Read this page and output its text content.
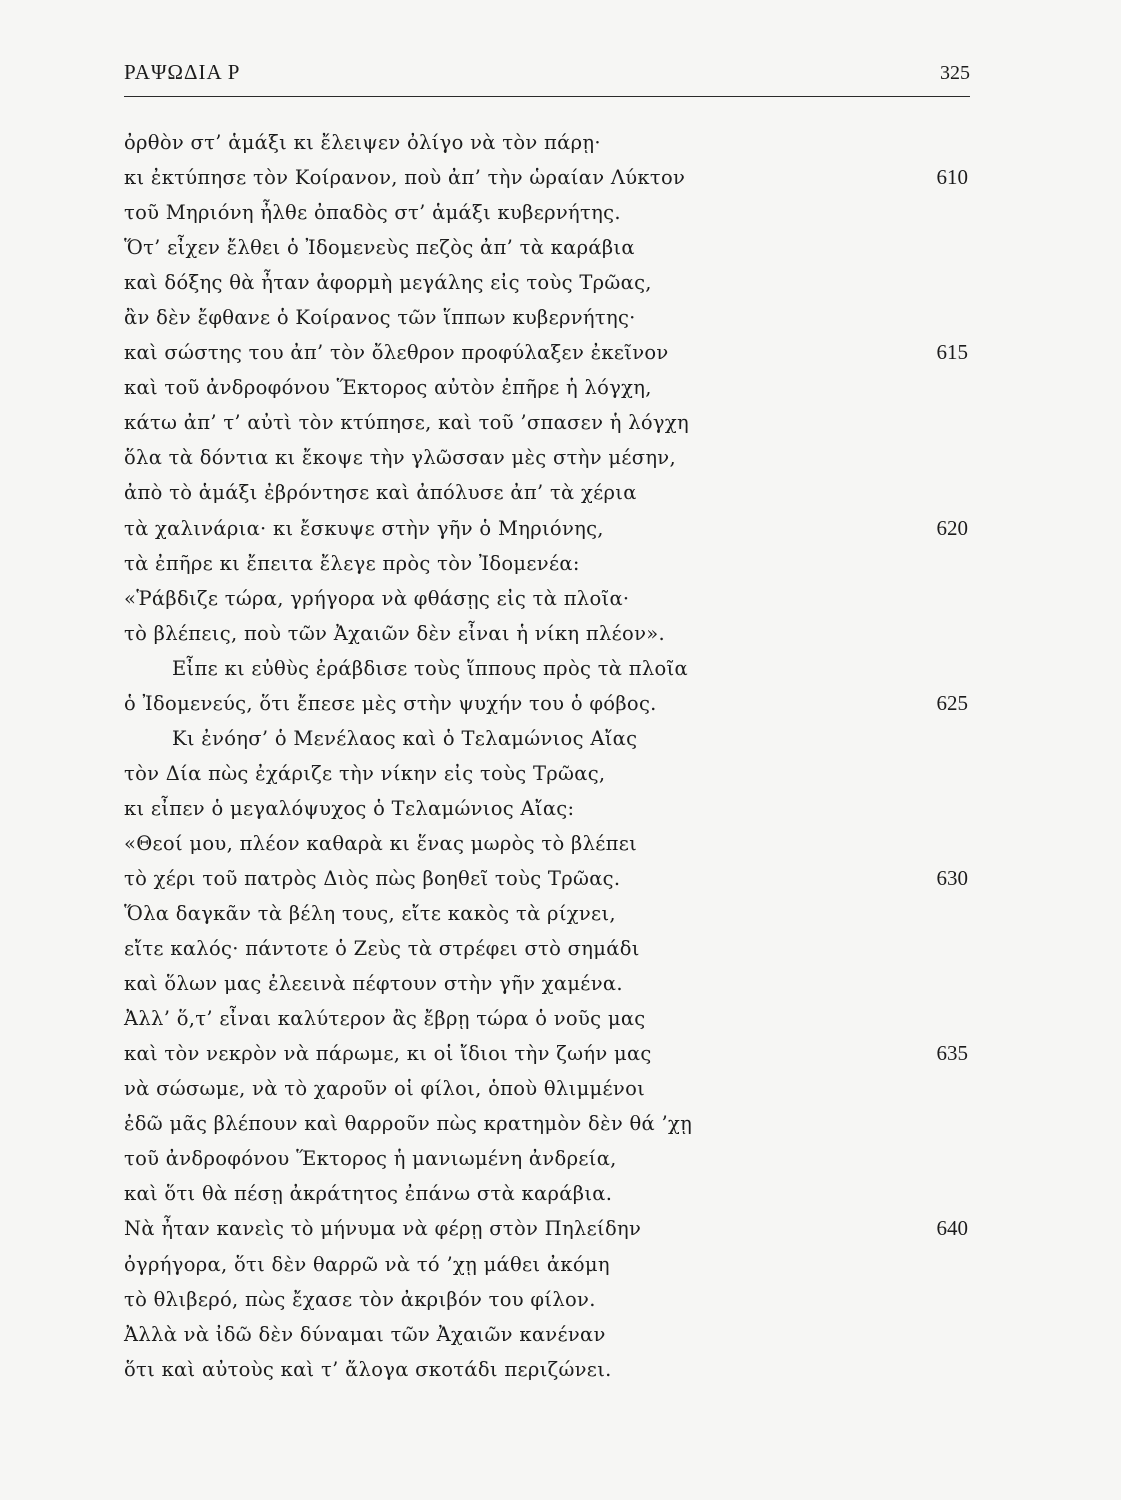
ΡΑΨΩΔΙΑ Ρ	325
ὀρθὸν στ’ ἁμάξι κι ἔλειψεν ὀλίγο νὰ τὸν πάρῃ·
κι ἐκτύπησε τὸν Κοίρανον, ποὺ ἀπ’ τὴν ὡραίαν Λύκτον	610
τοῦ Μηριόνη ἦλθε ὀπαδὸς στ’ ἁμάξι κυβερνήτης.
Ὅτ’ εἶχεν ἔλθει ὁ Ἰδομενεὺς πεζὸς ἀπ’ τὰ καράβια
καὶ δόξης θὰ ἦταν ἀφορμὴ μεγάλης εἰς τοὺς Τρῶας,
ἂν δὲν ἔφθανε ὁ Κοίρανος τῶν ἵππων κυβερνήτης·
καὶ σώστης του ἀπ’ τὸν ὄλεθρον προφύλαξεν ἐκεῖνον	615
καὶ τοῦ ἀνδροφόνου Ἕκτορος αὐτὸν ἐπῆρε ἡ λόγχη,
κάτω ἀπ’ τ’ αὐτὶ τὸν κτύπησε, καὶ τοῦ ’σπασεν ἡ λόγχη
ὅλα τὰ δόντια κι ἔκοψε τὴν γλῶσσαν μὲς στὴν μέσην,
ἀπὸ τὸ ἁμάξι ἐβρόντησε καὶ ἀπόλυσε ἀπ’ τὰ χέρια
τὰ χαλινάρια· κι ἔσκυψε στὴν γῆν ὁ Μηριόνης,	620
τὰ ἐπῆρε κι ἔπειτα ἔλεγε πρὸς τὸν Ἰδομενέα:
«Ῥάβδιζε τώρα, γρήγορα νὰ φθάσῃς εἰς τὰ πλοῖα·
τὸ βλέπεις, ποὺ τῶν Ἀχαιῶν δὲν εἶναι ἡ νίκη πλέον».
Εἶπε κι εὐθὺς ἐράβδισε τοὺς ἵππους πρὸς τὰ πλοῖα
ὁ Ἰδομενεύς, ὅτι ἔπεσε μὲς στὴν ψυχήν του ὁ φόβος.	625
Κι ἐνόησ’ ὁ Μενέλαος καὶ ὁ Τελαμώνιος Αἴας
τὸν Δία πὼς ἐχάριζε τὴν νίκην εἰς τοὺς Τρῶας,
κι εἶπεν ὁ μεγαλόψυχος ὁ Τελαμώνιος Αἴας:
«Θεοί μου, πλέον καθαρὰ κι ἕνας μωρὸς τὸ βλέπει
τὸ χέρι τοῦ πατρὸς Διὸς πὼς βοηθεῖ τοὺς Τρῶας.	630
Ὅλα δαγκᾶν τὰ βέλη τους, εἴτε κακὸς τὰ ρίχνει,
εἴτε καλός· πάντοτε ὁ Ζεὺς τὰ στρέφει στὸ σημάδι
καὶ ὅλων μας ἐλεεινὰ πέφτουν στὴν γῆν χαμένα.
Ἀλλ’ ὅ,τ’ εἶναι καλύτερον ἂς ἔβρῃ τώρα ὁ νοῦς μας
καὶ τὸν νεκρὸν νὰ πάρωμε, κι οἱ ἴδιοι τὴν ζωήν μας	635
νὰ σώσωμε, νὰ τὸ χαροῦν οἱ φίλοι, ὁποὺ θλιμμένοι
ἐδῶ μᾶς βλέπουν καὶ θαρροῦν πὼς κρατημὸν δὲν θά ’χῃ
τοῦ ἀνδροφόνου Ἕκτορος ἡ μανιωμένη ἀνδρεία,
καὶ ὅτι θὰ πέσῃ ἀκράτητος ἐπάνω στὰ καράβια.
Νὰ ἦταν κανεὶς τὸ μήνυμα νὰ φέρῃ στὸν Πηλείδην	640
ὀγρήγορα, ὅτι δὲν θαρρῶ νὰ τό ’χῃ μάθει ἀκόμη
τὸ θλιβερό, πὼς ἔχασε τὸν ἀκριβόν του φίλον.
Ἀλλὰ νὰ ἰδῶ δὲν δύναμαι τῶν Ἀχαιῶν κανέναν
ὅτι καὶ αὐτοὺς καὶ τ’ ἄλογα σκοτάδι περιζώνει.
